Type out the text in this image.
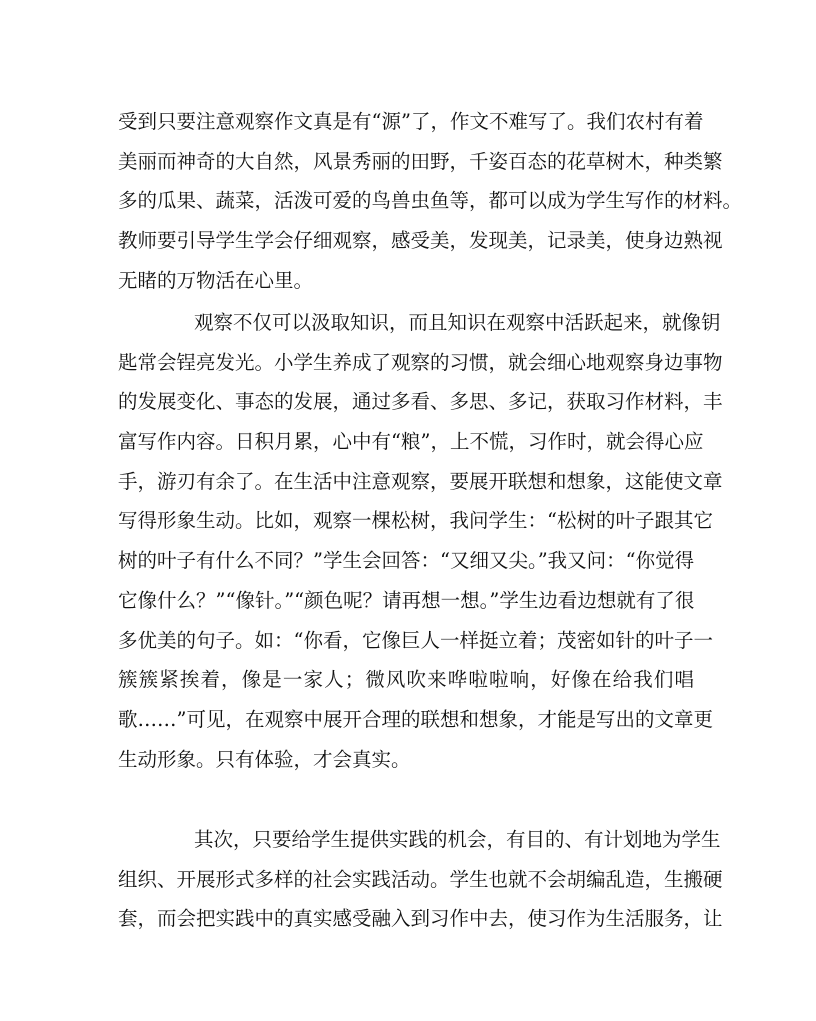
受到只要注意观察作文真是有“源”了，作文不难写了。我们农村有着
美丽而神奇的大自然，风景秀丽的田野，千姿百态的花草树木，种类繁
多的瓜果、蔬菜，活泼可爱的鸟兽虫鱼等，都可以成为学生写作的材料。
教师要引导学生学会仔细观察，感受美，发现美，记录美，使身边熟视
无睹的万物活在心里。
观察不仅可以汲取知识，而且知识在观察中活跃起来，就像钥
匙常会锃亮发光。小学生养成了观察的习惯，就会细心地观察身边事物
的发展变化、事态的发展，通过多看、多思、多记，获取习作材料，丰
富写作内容。日积月累，心中有“粮”，上不慌，习作时，就会得心应
手，游刃有余了。在生活中注意观察，要展开联想和想象，这能使文章
写得形象生动。比如，观察一棵松树，我问学生：“松树的叶子跟其它
树的叶子有什么不同？”学生会回答：“又细又尖。”我又问：“你觉得
它像什么？”“像针。”“颜色呢？请再想一想。”学生边看边想就有了很
多优美的句子。如：“你看，它像巨人一样挺立着；茂密如针的叶子一
簇簇紧挨着，像是一家人；微风吹来哗啦啦响，好像在给我们唱
歌……”可见，在观察中展开合理的联想和想象，才能是写出的文章更
生动形象。只有体验，才会真实。
其次，只要给学生提供实践的机会，有目的、有计划地为学生
组织、开展形式多样的社会实践活动。学生也就不会胡编乱造，生搬硬
套，而会把实践中的真实感受融入到习作中去，使习作为生活服务，让
